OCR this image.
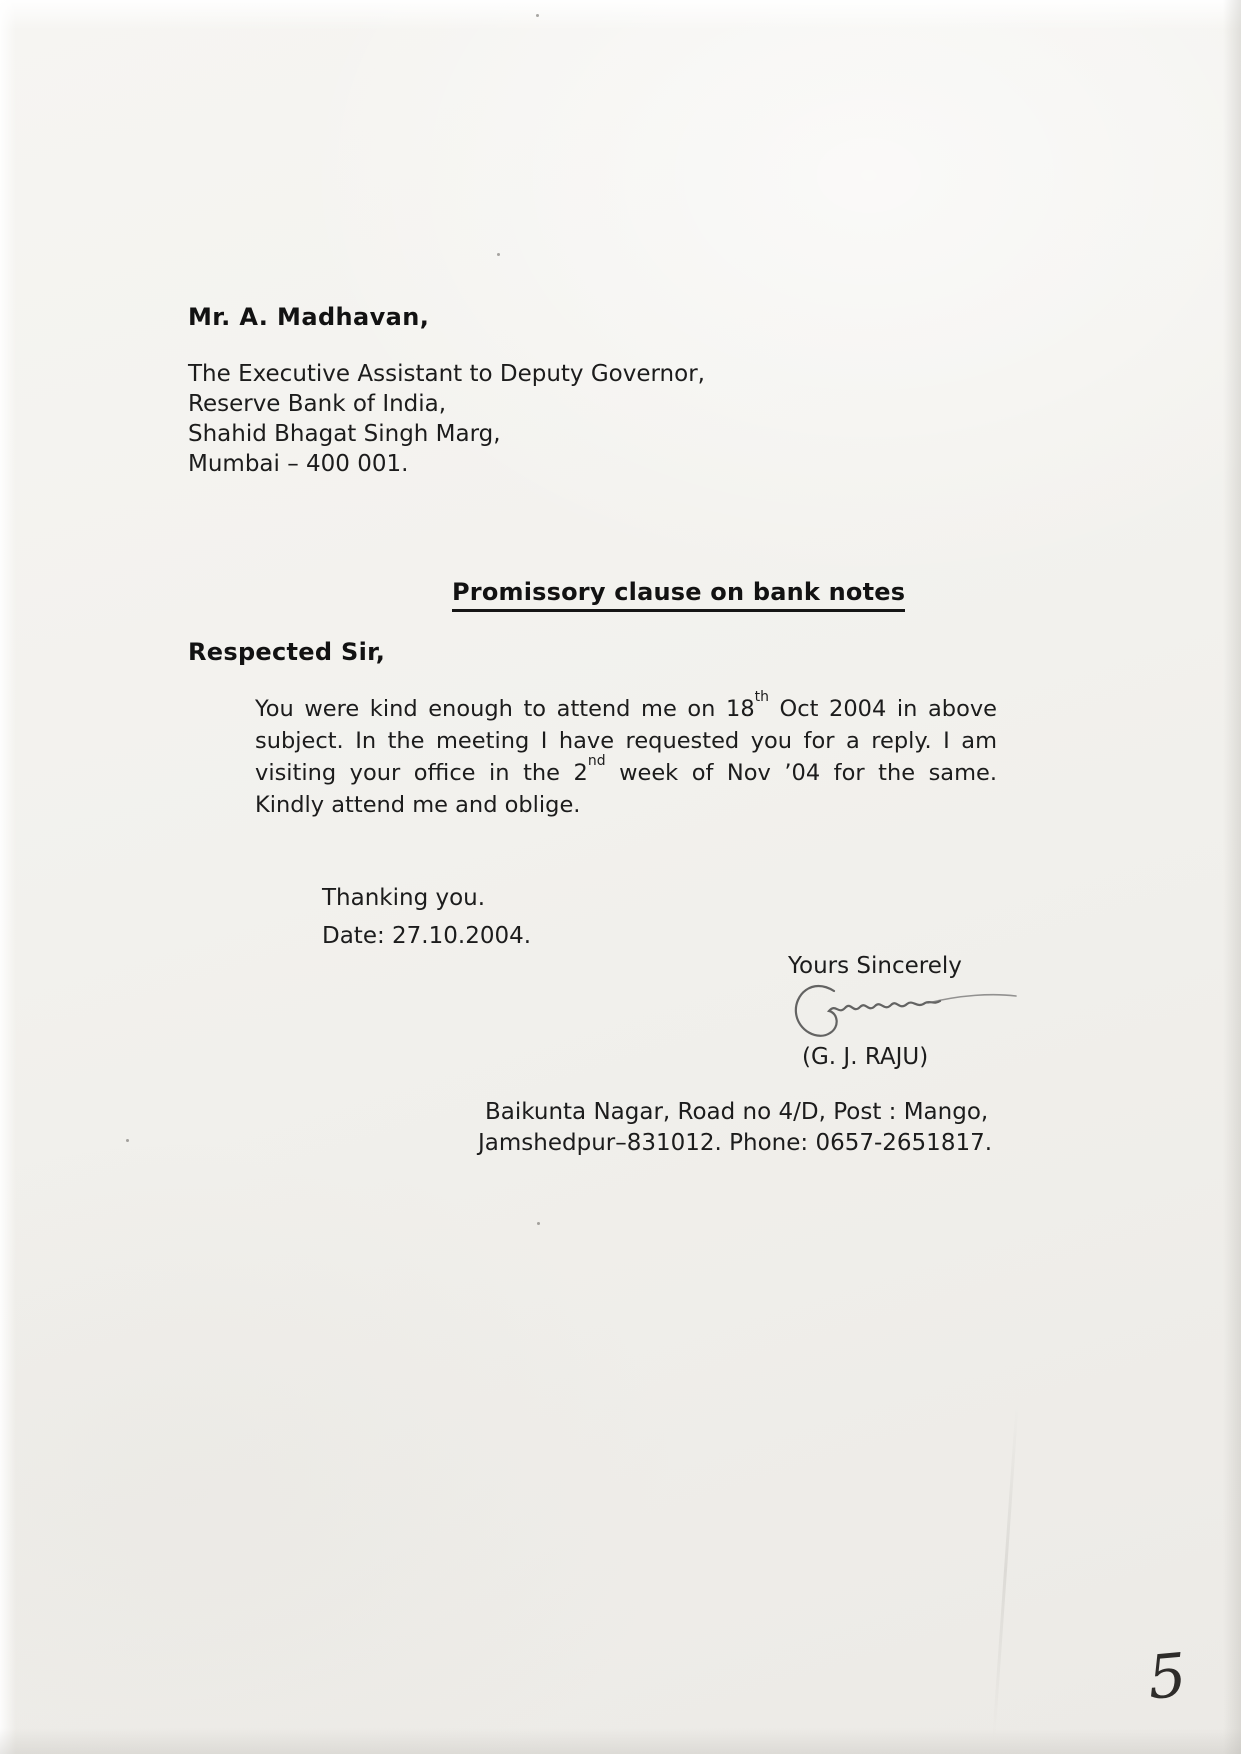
Mr. A. Madhavan,
The Executive Assistant to Deputy Governor,
Reserve Bank of India,
Shahid Bhagat Singh Marg,
Mumbai – 400 001.
Promissory clause on bank notes
Respected Sir,
You were kind enough to attend me on 18th Oct 2004 in above
subject. In the meeting I have requested you for a reply. I am
visiting your office in the 2nd week of Nov ’04 for the same.
Kindly attend me and oblige.
Thanking you.
Date: 27.10.2004.
Yours Sincerely
(G. J. RAJU)
Baikunta Nagar, Road no 4/D, Post : Mango,
Jamshedpur–831012. Phone: 0657-2651817.
5
